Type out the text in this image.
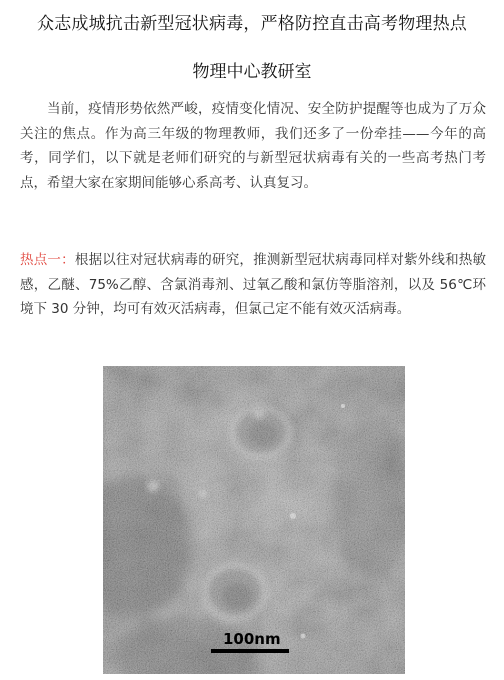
众志成城抗击新型冠状病毒，严格防控直击高考物理热点
物理中心教研室
当前，疫情形势依然严峻，疫情变化情况、安全防护提醒等也成为了万众关注的焦点。作为高三年级的物理教师，我们还多了一份牵挂——今年的高考，同学们，以下就是老师们研究的与新型冠状病毒有关的一些高考热门考点，希望大家在家期间能够心系高考、认真复习。
热点一：根据以往对冠状病毒的研究，推测新型冠状病毒同样对紫外线和热敏感，乙醚、75%乙醇、含氯消毒剂、过氧乙酸和氯仿等脂溶剂，以及 56℃环境下 30 分钟，均可有效灭活病毒，但氯己定不能有效灭活病毒。
100nm
